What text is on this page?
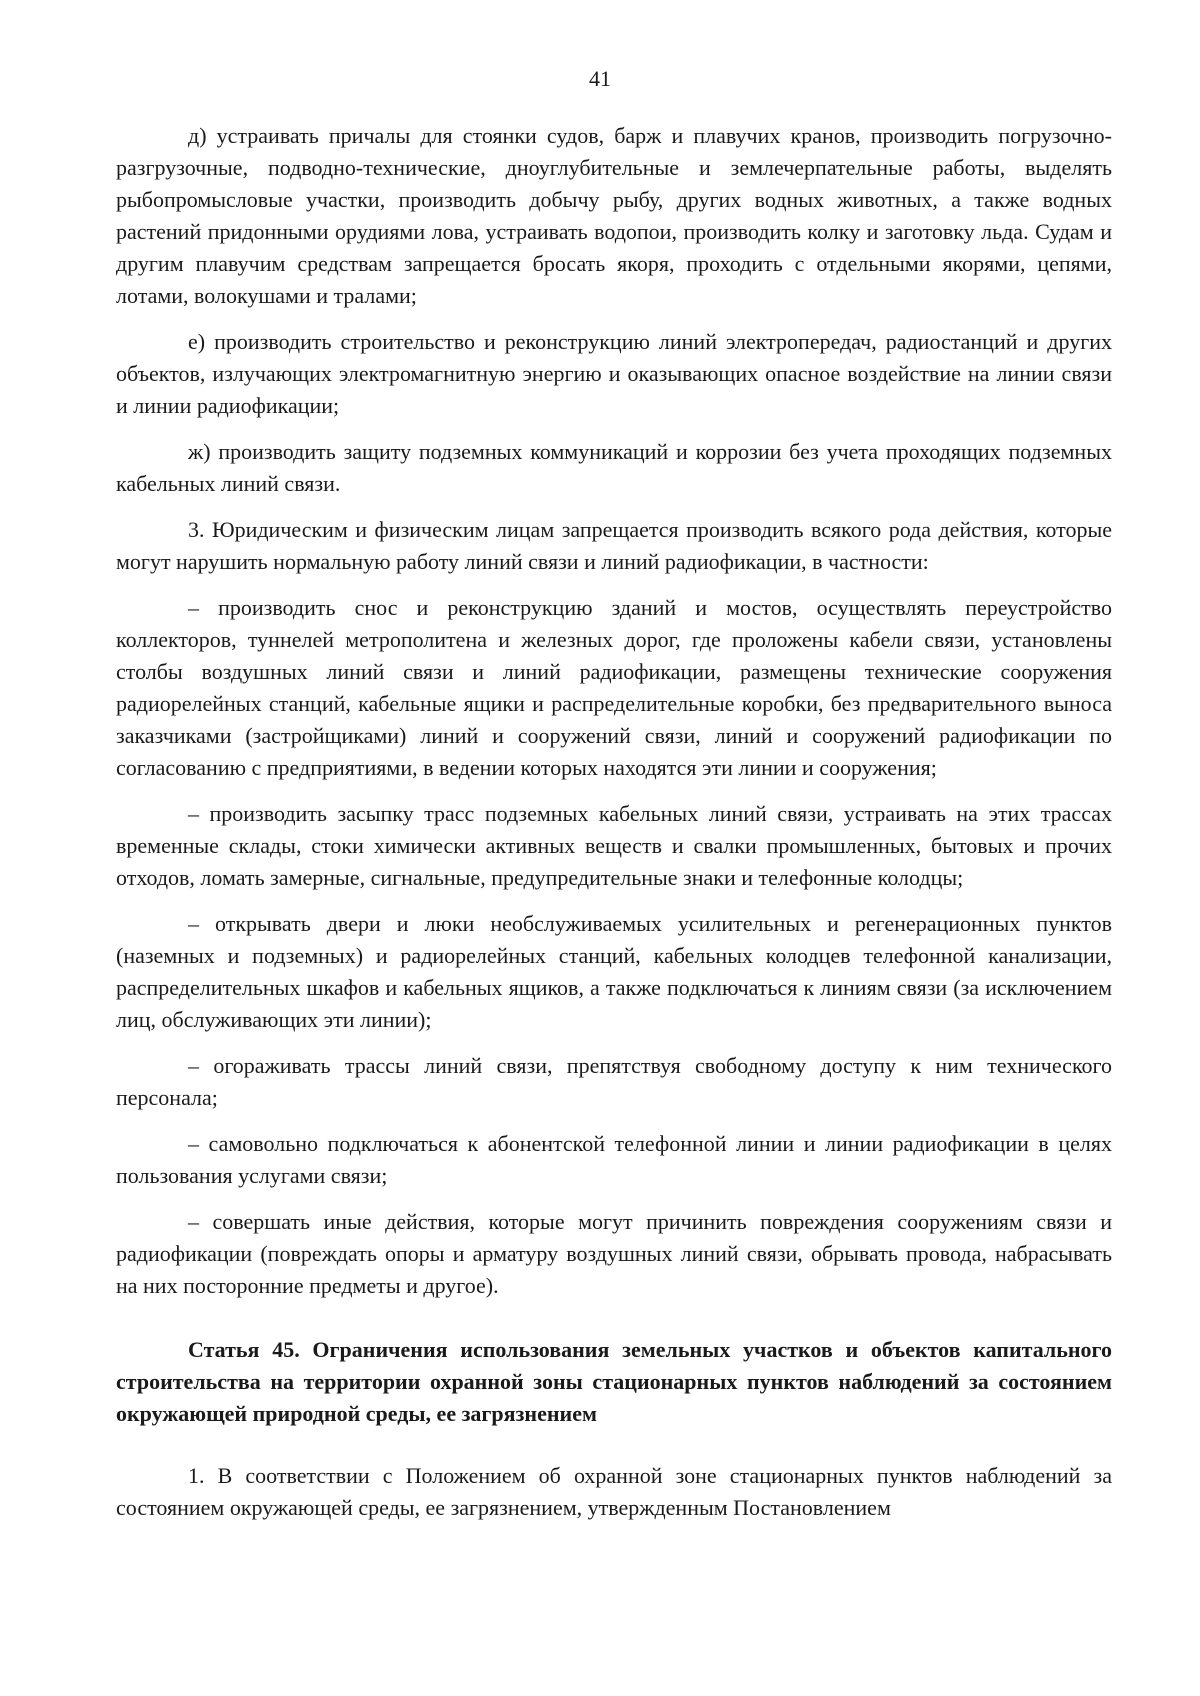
41

д) устраивать причалы для стоянки судов, барж и плавучих кранов, производить погрузочно-разгрузочные, подводно-технические, дноуглубительные и землечерпательные работы, выделять рыбопромысловые участки, производить добычу рыбу, других водных животных, а также водных растений придонными орудиями лова, устраивать водопои, производить колку и заготовку льда. Судам и другим плавучим средствам запрещается бросать якоря, проходить с отдельными якорями, цепями, лотами, волокушами и тралами;

е) производить строительство и реконструкцию линий электропередач, радиостанций и других объектов, излучающих электромагнитную энергию и оказывающих опасное воздействие на линии связи и линии радиофикации;

ж) производить защиту подземных коммуникаций и коррозии без учета проходящих подземных кабельных линий связи.

3. Юридическим и физическим лицам запрещается производить всякого рода действия, которые могут нарушить нормальную работу линий связи и линий радиофикации, в частности:

– производить снос и реконструкцию зданий и мостов, осуществлять переустройство коллекторов, туннелей метрополитена и железных дорог, где проложены кабели связи, установлены столбы воздушных линий связи и линий радиофикации, размещены технические сооружения радиорелейных станций, кабельные ящики и распределительные коробки, без предварительного выноса заказчиками (застройщиками) линий и сооружений связи, линий и сооружений радиофикации по согласованию с предприятиями, в ведении которых находятся эти линии и сооружения;

– производить засыпку трасс подземных кабельных линий связи, устраивать на этих трассах временные склады, стоки химически активных веществ и свалки промышленных, бытовых и прочих отходов, ломать замерные, сигнальные, предупредительные знаки и телефонные колодцы;

– открывать двери и люки необслуживаемых усилительных и регенерационных пунктов (наземных и подземных) и радиорелейных станций, кабельных колодцев телефонной канализации, распределительных шкафов и кабельных ящиков, а также подключаться к линиям связи (за исключением лиц, обслуживающих эти линии);

– огораживать трассы линий связи, препятствуя свободному доступу к ним технического персонала;

– самовольно подключаться к абонентской телефонной линии и линии радиофикации в целях пользования услугами связи;

– совершать иные действия, которые могут причинить повреждения сооружениям связи и радиофикации (повреждать опоры и арматуру воздушных линий связи, обрывать провода, набрасывать на них посторонние предметы и другое).

Статья 45. Ограничения использования земельных участков и объектов капитального строительства на территории охранной зоны стационарных пунктов наблюдений за состоянием окружающей природной среды, ее загрязнением

1. В соответствии с Положением об охранной зоне стационарных пунктов наблюдений за состоянием окружающей среды, ее загрязнением, утвержденным Постановлением
